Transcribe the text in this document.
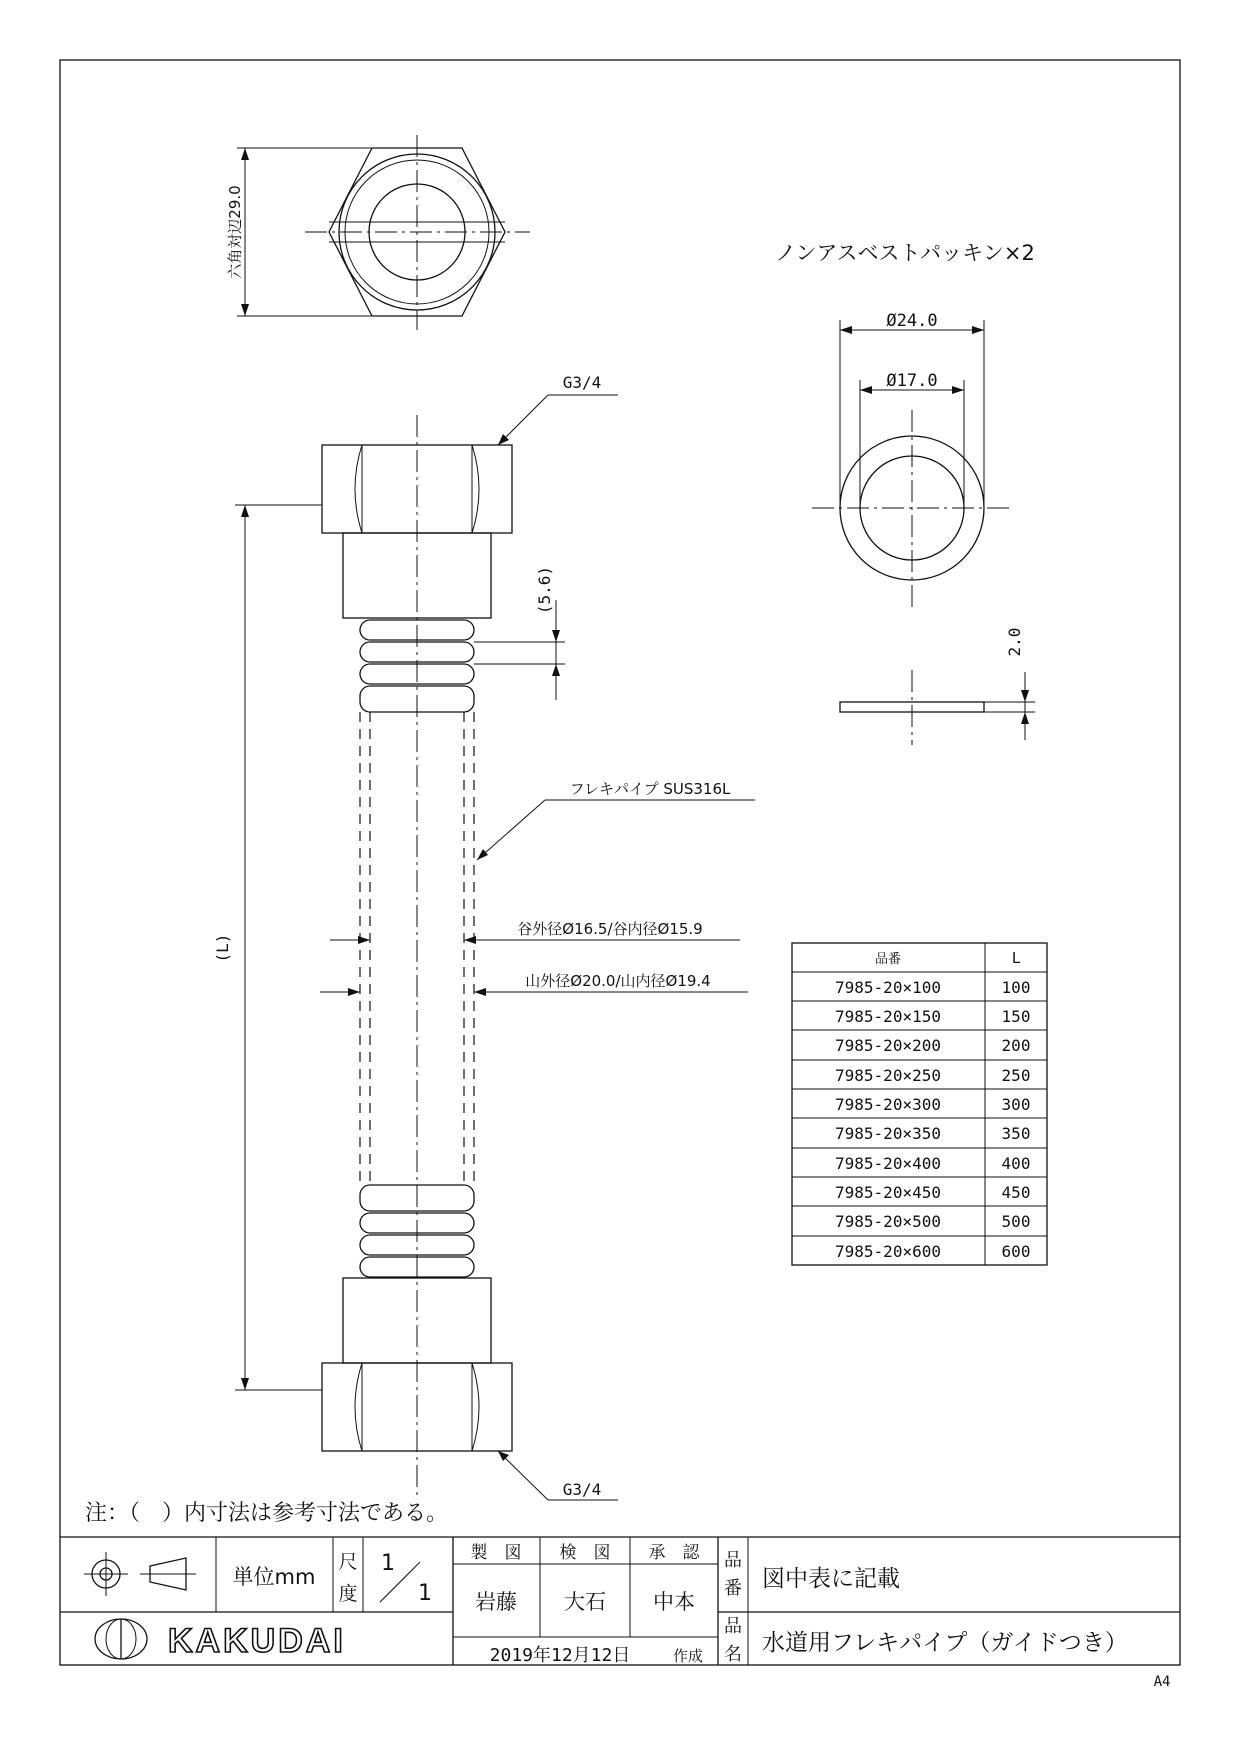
六角対辺29.0	ノンアスベストパッキン×2
Ø24.0
Ø17.0
2.0
G3/4
G3/4
(5.6)
(L)
フレキパイプ SUS316L
谷外径Ø16.5/谷内径Ø15.9
山外径Ø20.0/山内径Ø19.4
品番	L
7985-20×100	100
7985-20×150	150
7985-20×200	200
7985-20×250	250
7985-20×300	300
7985-20×350	350
7985-20×400	400
7985-20×450	450
7985-20×500	500
7985-20×600	600
注：（　）内寸法は参考寸法である。
単位mm
尺
度
1
1
製　図 検　図 承　認
岩藤 大石 中本
品
番 図中表に記載
品
名 水道用フレキパイプ（ガイドつき）
KAKUDAI	2019年12月12日	作成
A4
